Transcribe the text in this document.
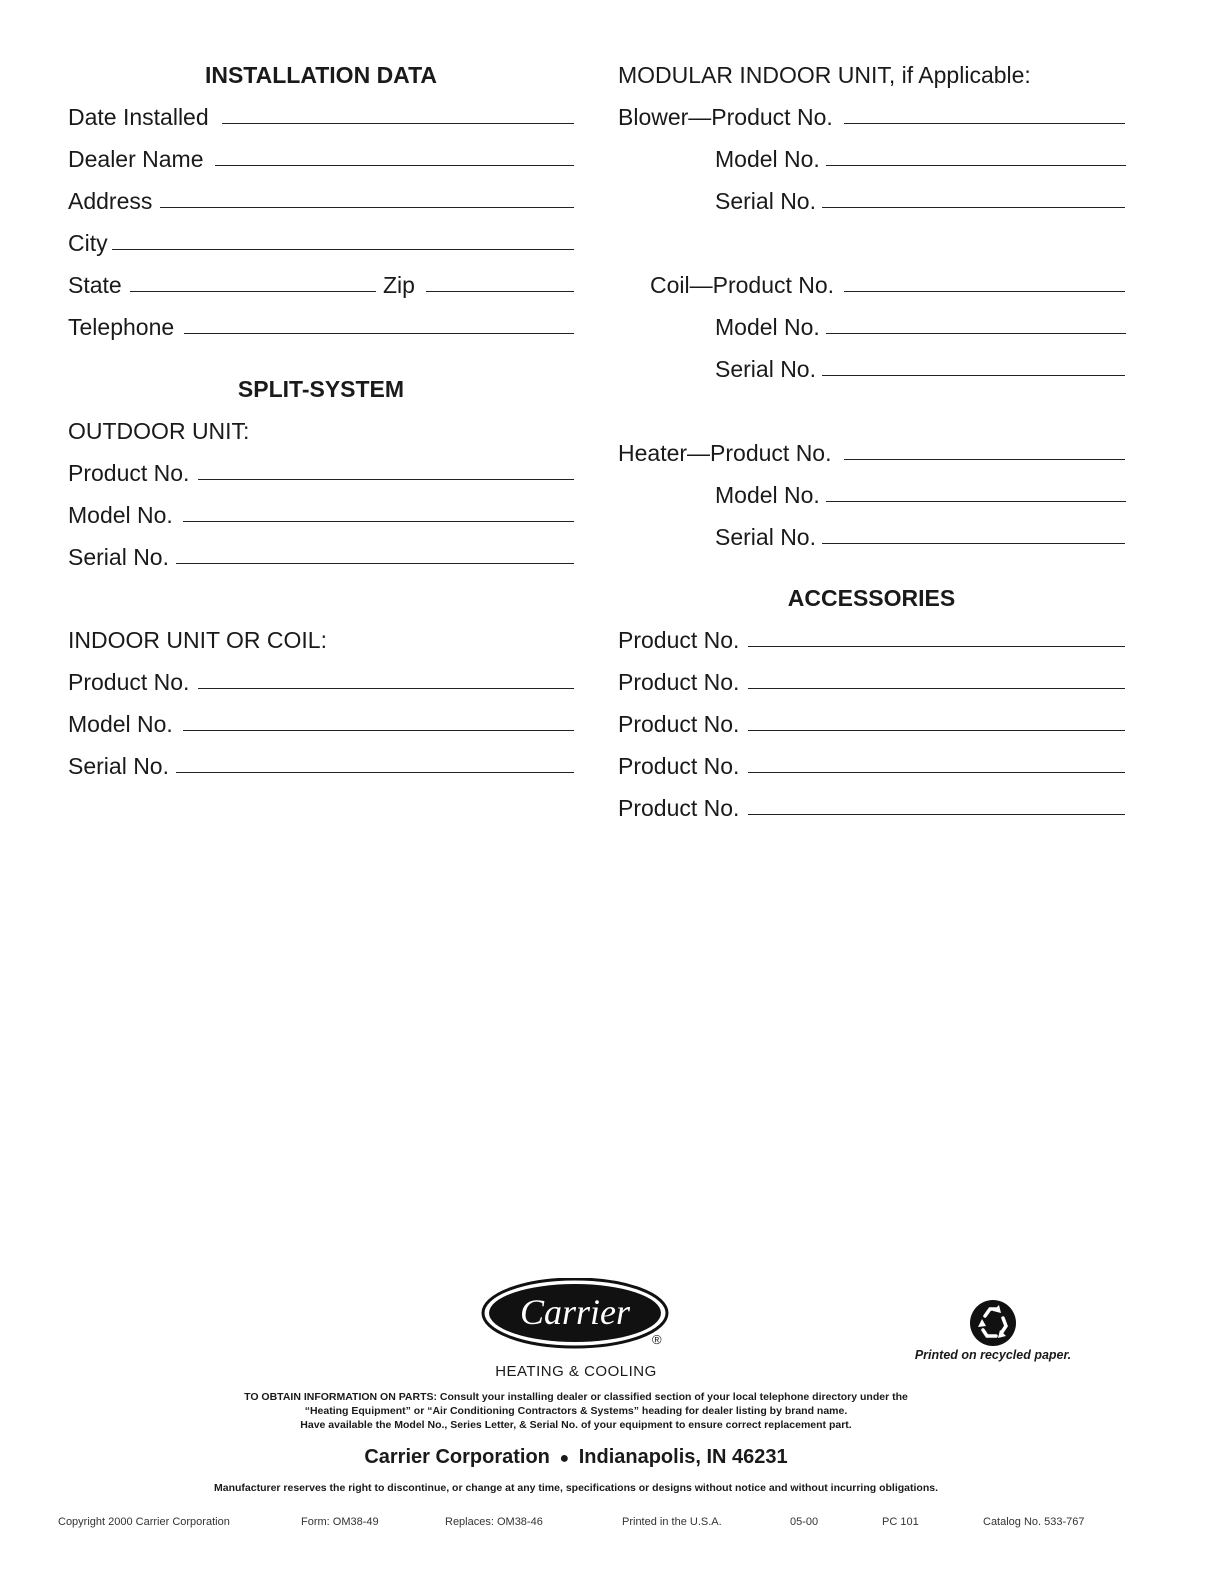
INSTALLATION DATA
Date Installed
Dealer Name
Address
City
State	Zip
Telephone
SPLIT-SYSTEM
OUTDOOR UNIT:
Product No.
Model No.
Serial No.
INDOOR UNIT OR COIL:
Product No.
Model No.
Serial No.
MODULAR INDOOR UNIT, if Applicable:
Blower—Product No.
Model No.
Serial No.
Coil—Product No.
Model No.
Serial No.
Heater—Product No.
Model No.
Serial No.
ACCESSORIES
Product No.
Product No.
Product No.
Product No.
Product No.
Carrier
®
HEATING & COOLING
Printed on recycled paper.
TO OBTAIN INFORMATION ON PARTS: Consult your installing dealer or classified section of your local telephone directory under the
“Heating Equipment” or “Air Conditioning Contractors & Systems” heading for dealer listing by brand name.
Have available the Model No., Series Letter, & Serial No. of your equipment to ensure correct replacement part.
Carrier Corporation ● Indianapolis, IN 46231
Manufacturer reserves the right to discontinue, or change at any time, specifications or designs without notice and without incurring obligations.
Copyright 2000 Carrier Corporation	Form: OM38-49	Replaces: OM38-46	Printed in the U.S.A.	05-00	PC 101	Catalog No. 533-767
